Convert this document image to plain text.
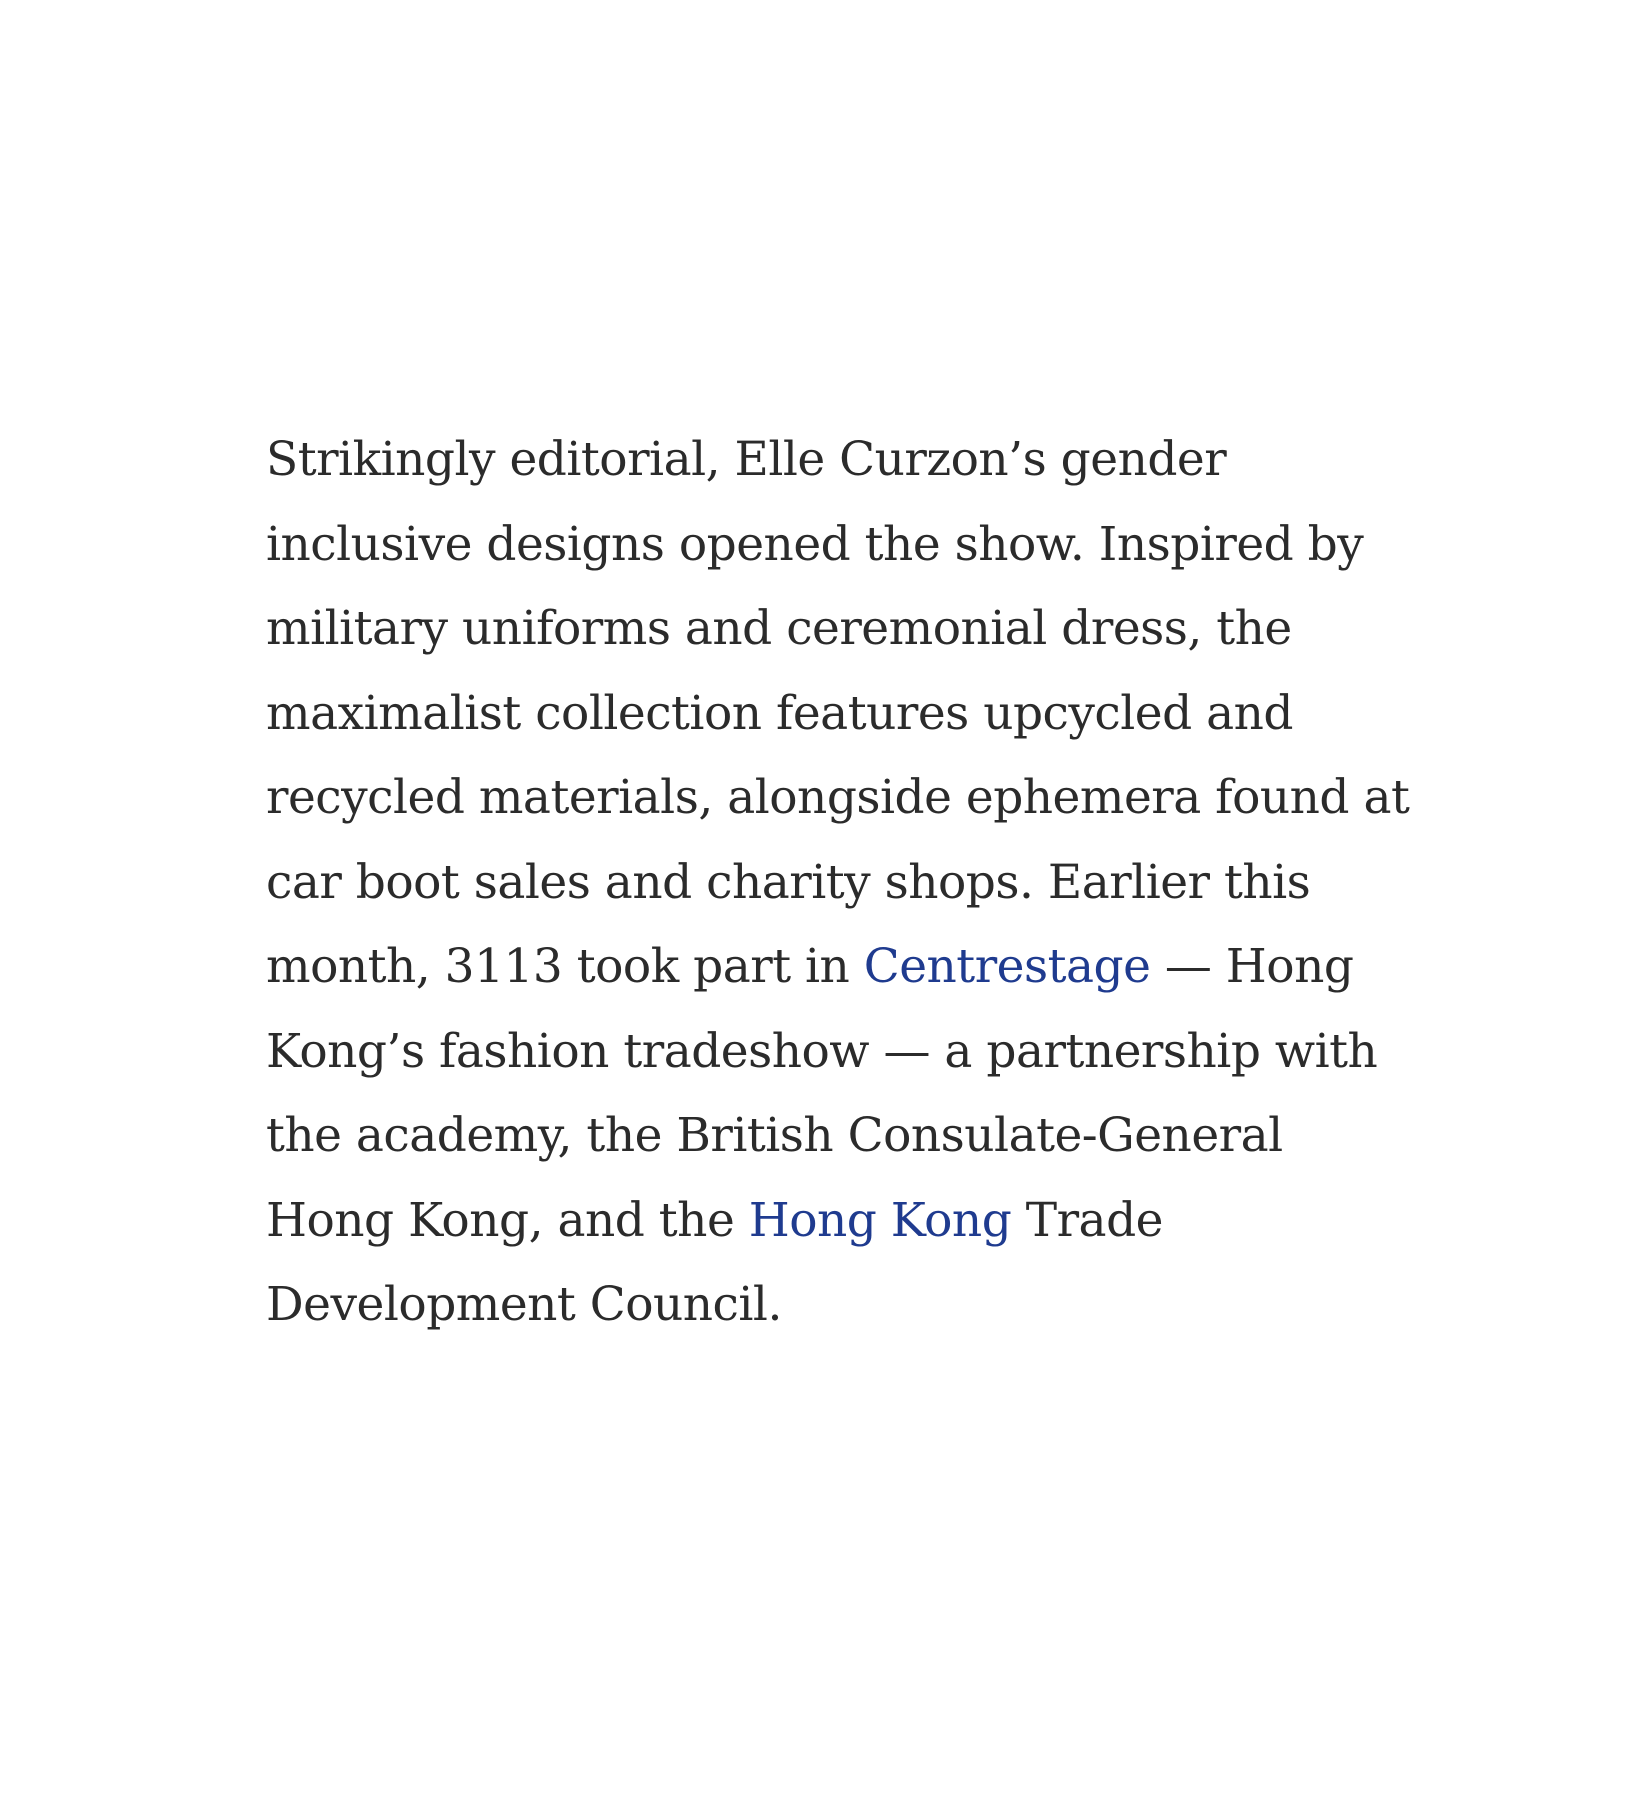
Strikingly editorial, Elle Curzon’s gender
inclusive designs opened the show. Inspired by
military uniforms and ceremonial dress, the
maximalist collection features upcycled and
recycled materials, alongside ephemera found at
car boot sales and charity shops. Earlier this
month, 3113 took part in Centrestage — Hong
Kong’s fashion tradeshow — a partnership with
the academy, the British Consulate-General
Hong Kong, and the Hong Kong Trade
Development Council.
